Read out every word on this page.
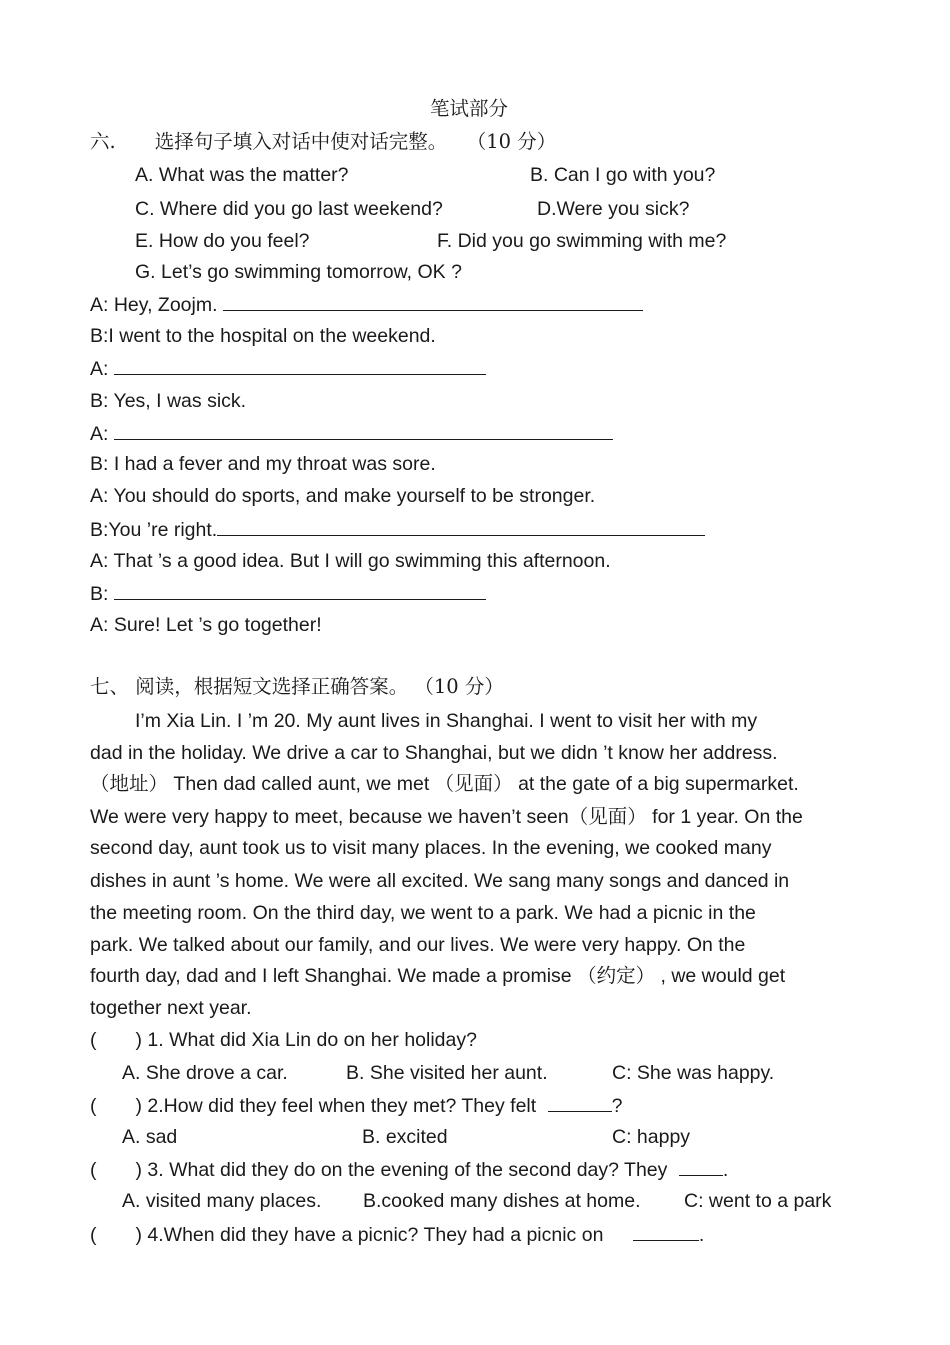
笔试部分
六.　　选择句子填入对话中使对话完整。　　（10 分）
A. What was the matter?	B. Can I go with you?
C. Where did you go last weekend?	D.Were you sick?
E. How do you feel?	F. Did you go swimming with me?
G. Let’s go swimming tomorrow, OK ?
A: Hey, Zoojm.
B:I went to the hospital on the weekend.
A:
B: Yes, I was sick.
A:
B: I had a fever and my throat was sore.
A: You should do sports, and make yourself to be stronger.
B:You ’re right.
A: That ’s a good idea. But I will go swimming this afternoon.
B:
A: Sure! Let ’s go together!
七、 阅读，根据短文选择正确答案。 （10 分）
I’m Xia Lin. I ’m 20. My aunt lives in Shanghai. I went to visit her with my
dad in the holiday. We drive a car to Shanghai, but we didn ’t know her address.
（地址） Then dad called aunt, we met （见面） at the gate of a big supermarket.
We were very happy to meet, because we haven’t seen（见面） for 1 year. On the
second day, aunt took us to visit many places. In the evening, we cooked many
dishes in aunt ’s home. We were all excited. We sang many songs and danced in
the meeting room. On the third day, we went to a park. We had a picnic in the
park. We talked about our family, and our lives. We were very happy. On the
fourth day, dad and I left Shanghai. We made a promise （约定） , we would get
together next year.
(　　) 1. What did Xia Lin do on her holiday?
A. She drove a car.	B. She visited her aunt.	C: She was happy.
(　　) 2.How did they feel when they met? They felt	?
A. sad	B. excited	C: happy
(　　) 3. What did they do on the evening of the second day? They	.
A. visited many places. B.cooked many dishes at home. C: went to a park
(　　) 4.When did they have a picnic? They had a picnic on	.
